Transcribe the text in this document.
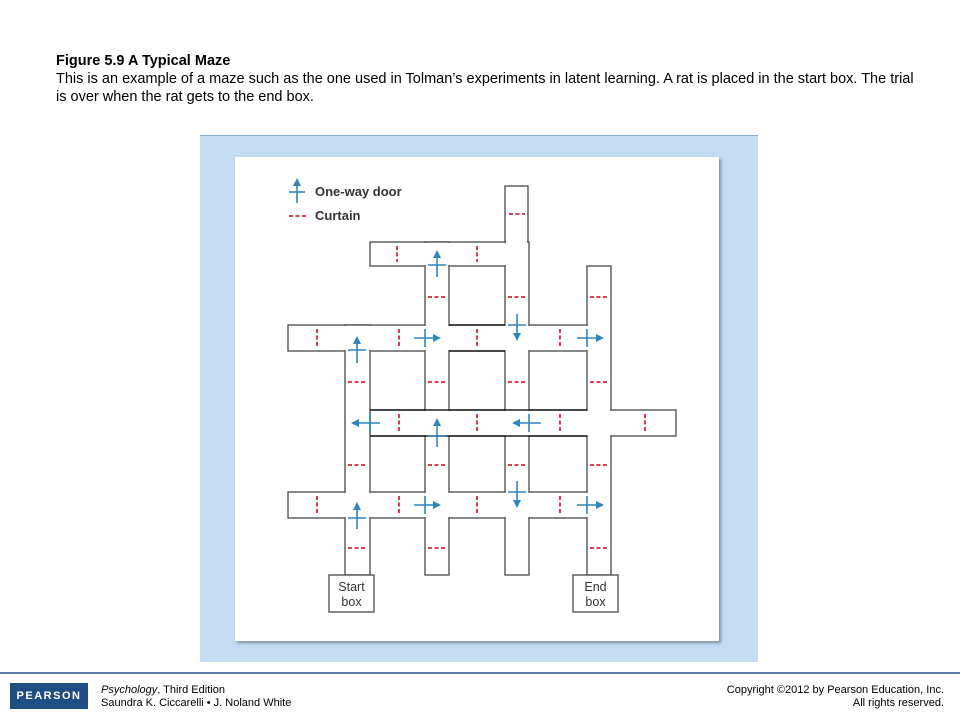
Figure 5.9 A Typical Maze
This is an example of a maze such as the one used in Tolman’s experiments in latent learning. A rat is placed in the start box. The trial is over when the rat gets to the end box.
Start
box
End
box
One-way door
Curtain
PEARSON	Psychology, Third Edition
Saundra K. Ciccarelli • J. Noland White
Copyright ©2012 by Pearson Education, Inc.
All rights reserved.
